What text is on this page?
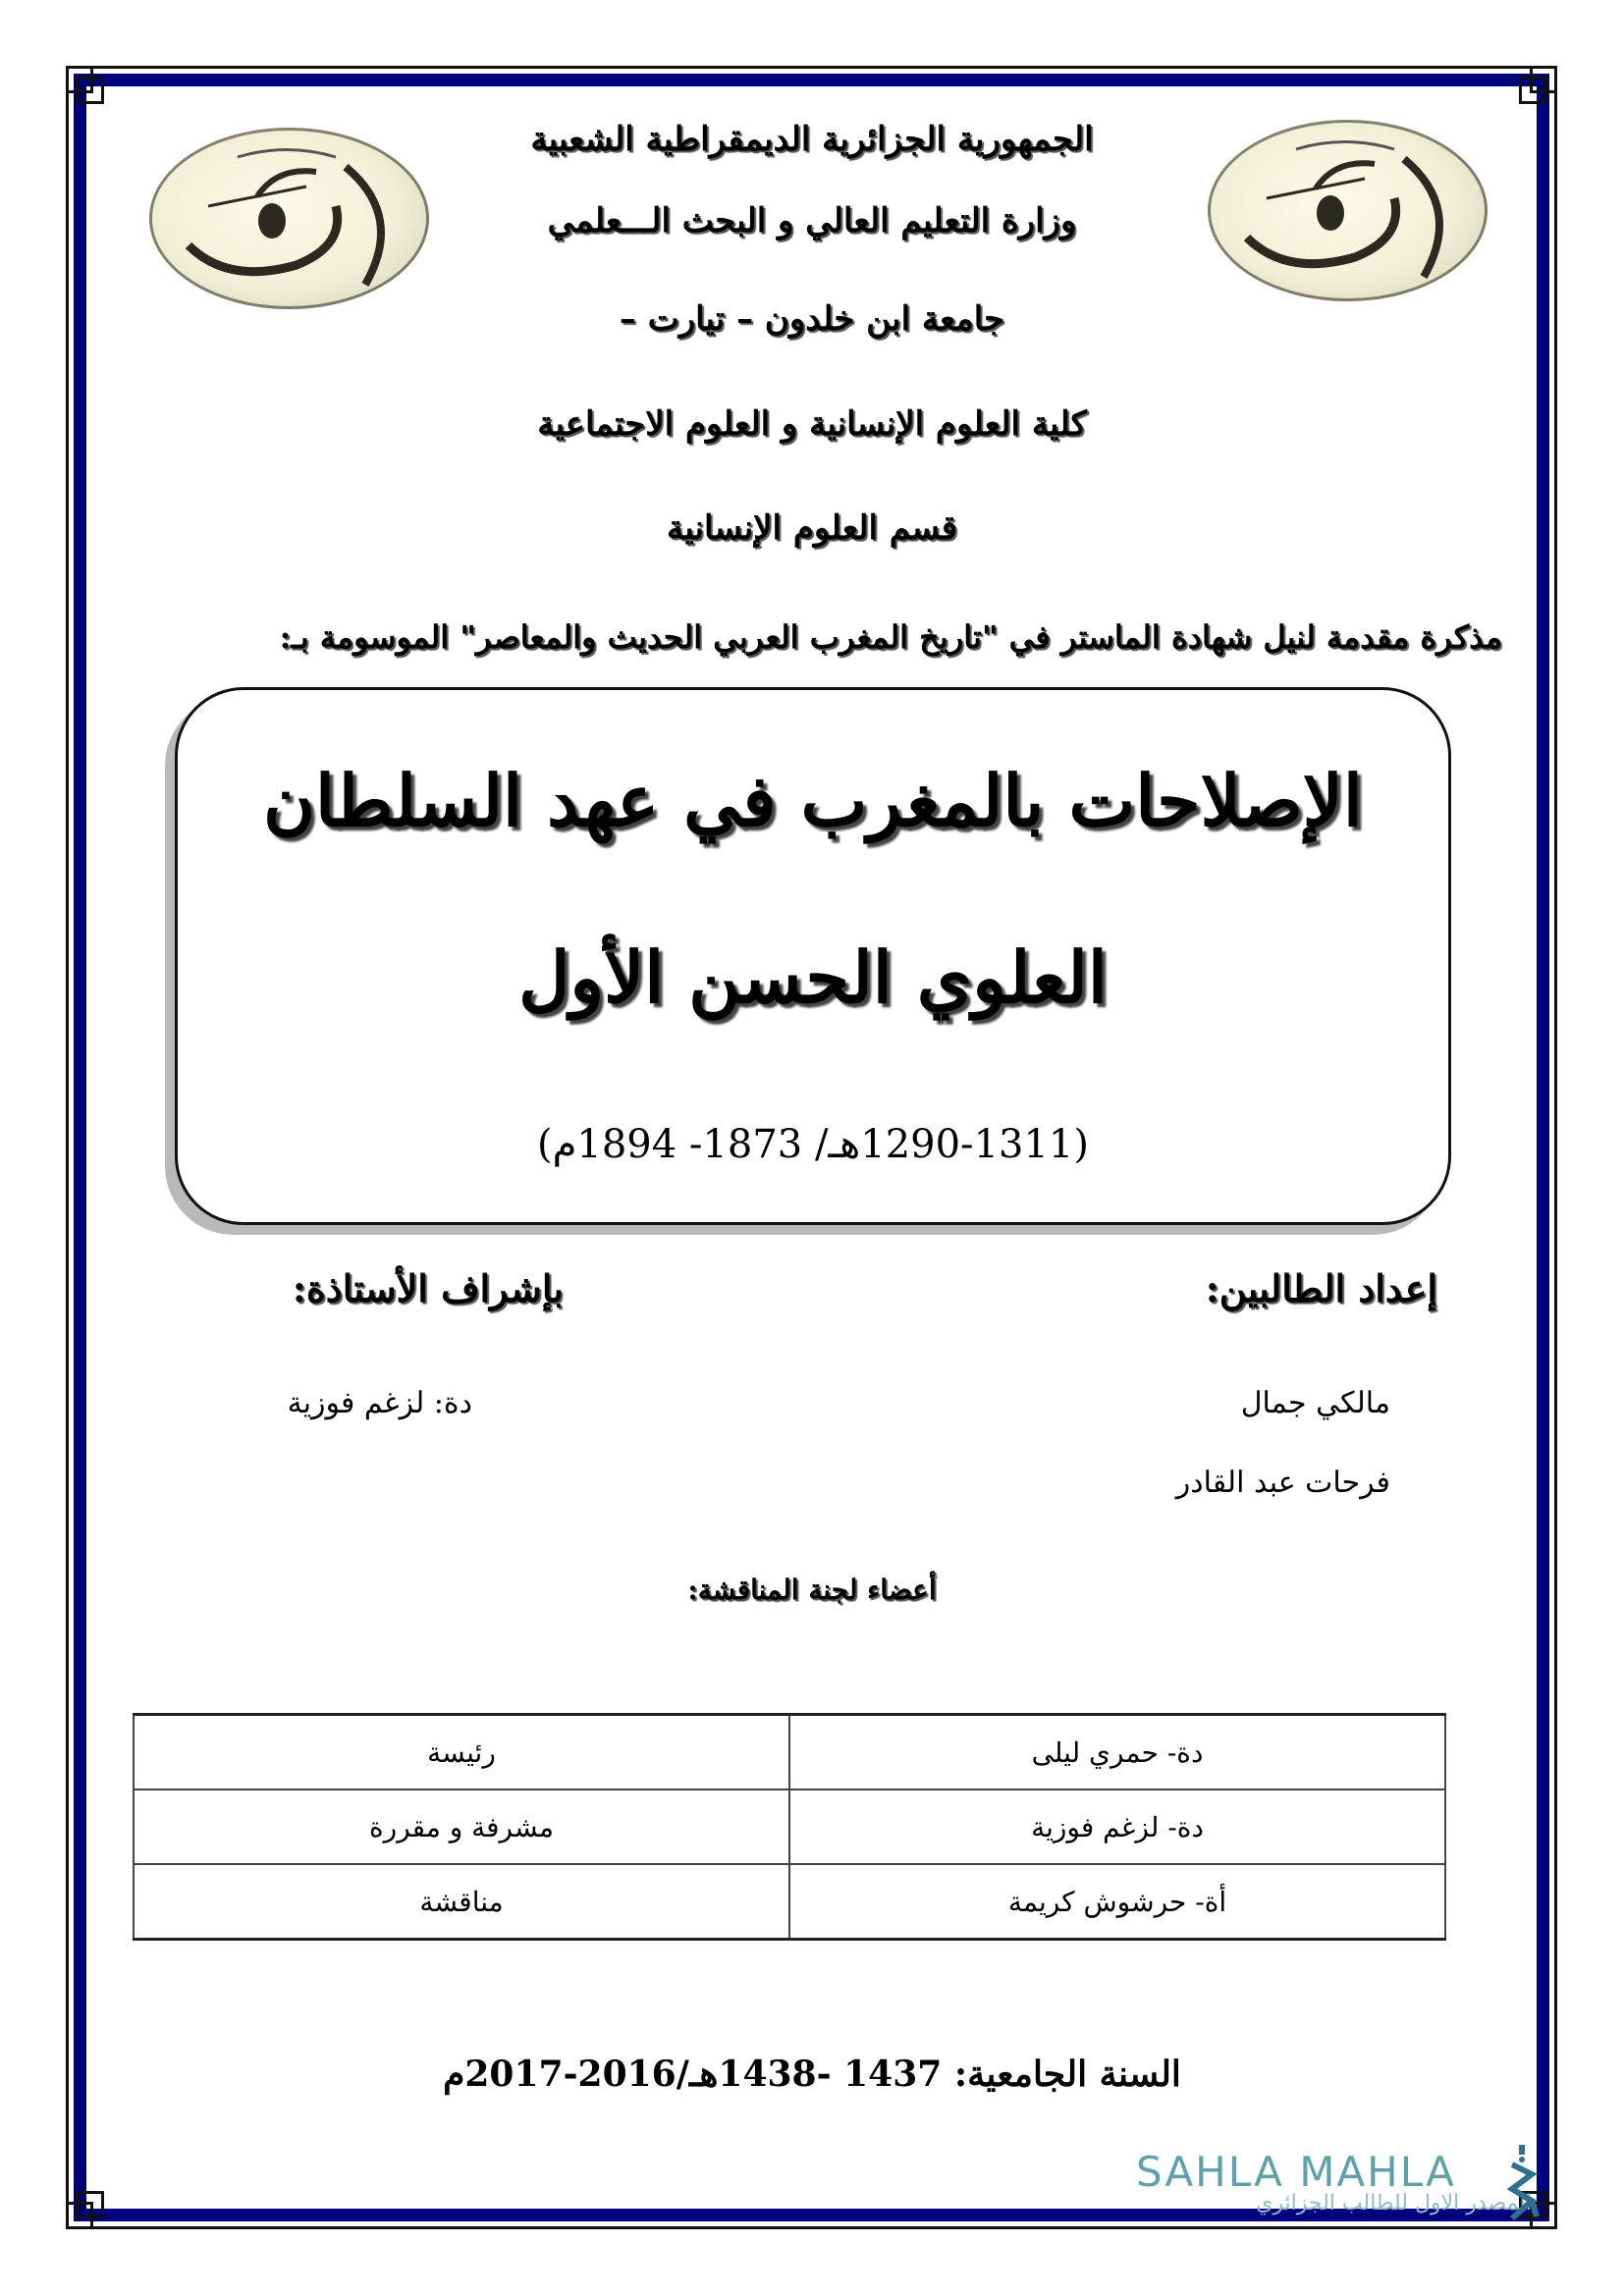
الجمهورية الجزائرية الديمقراطية الشعبية
وزارة التعليم العالي و البحث الـــعلمي
جامعة ابن خلدون – تيارت –
كلية العلوم الإنسانية و العلوم الاجتماعية
قسم العلوم الإنسانية
مذكرة مقدمة لنيل شهادة الماستر في "تاريخ المغرب العربي الحديث والمعاصر" الموسومة بـ:
الإصلاحات بالمغرب في عهد السلطان
العلوي الحسن الأول
(1290-1311هـ/ 1873- 1894م)
إعداد الطالبين:
بإشراف الأستاذة:
مالكي جمال
فرحات عبد القادر
دة: لزغم فوزية
أعضاء لجنة المناقشة:
دة- حمري ليلى	رئيسة
دة- لزغم فوزية	مشرفة و مقررة
أة- حرشوش كريمة	مناقشة
السنة الجامعية: 1437 -1438هـ/2016-2017م
SAHLA MAHLA
المصدر الاول للطالب الجزائري
